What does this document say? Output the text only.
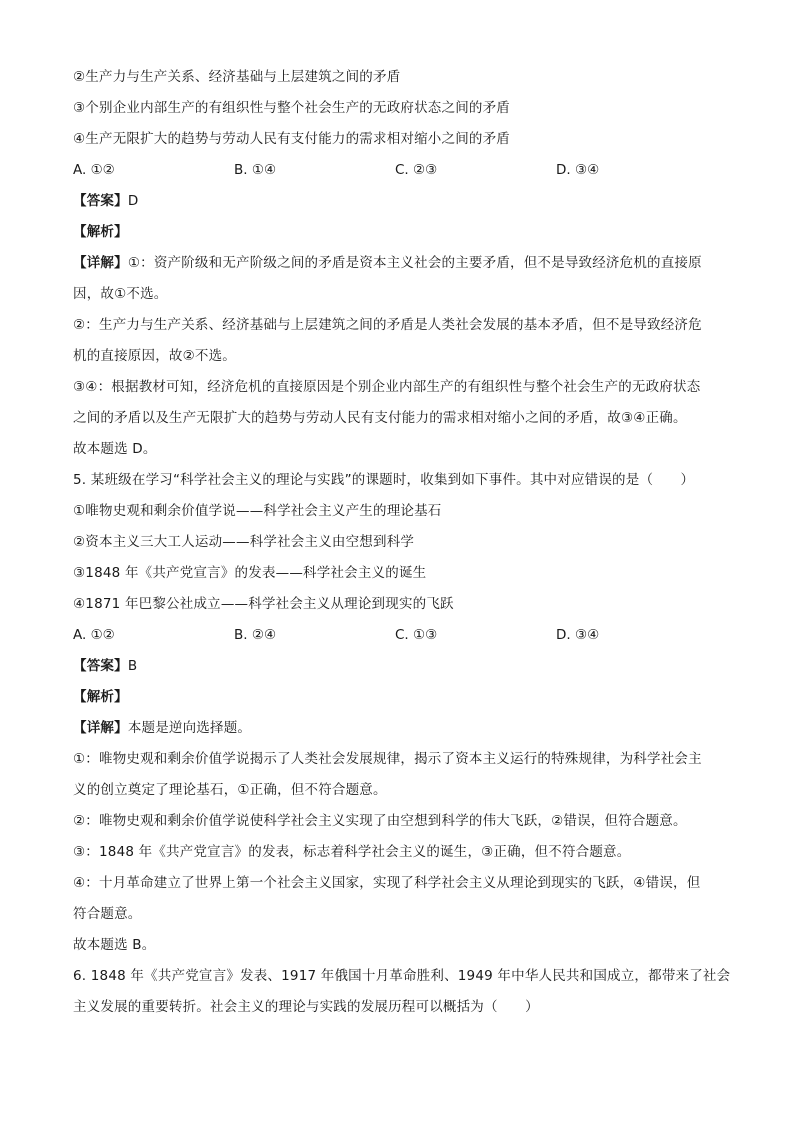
②生产力与生产关系、经济基础与上层建筑之间的矛盾
③个别企业内部生产的有组织性与整个社会生产的无政府状态之间的矛盾
④生产无限扩大的趋势与劳动人民有支付能力的需求相对缩小之间的矛盾
A. ①②	B. ①④	C. ②③	D. ③④
【答案】D
【解析】
【详解】①：资产阶级和无产阶级之间的矛盾是资本主义社会的主要矛盾，但不是导致经济危机的直接原
因，故①不选。
②：生产力与生产关系、经济基础与上层建筑之间的矛盾是人类社会发展的基本矛盾，但不是导致经济危
机的直接原因，故②不选。
③④：根据教材可知，经济危机的直接原因是个别企业内部生产的有组织性与整个社会生产的无政府状态
之间的矛盾以及生产无限扩大的趋势与劳动人民有支付能力的需求相对缩小之间的矛盾，故③④正确。
故本题选 D。
5. 某班级在学习“科学社会主义的理论与实践”的课题时，收集到如下事件。其中对应错误的是（　　）
①唯物史观和剩余价值学说——科学社会主义产生的理论基石
②资本主义三大工人运动——科学社会主义由空想到科学
③1848 年《共产党宣言》的发表——科学社会主义的诞生
④1871 年巴黎公社成立——科学社会主义从理论到现实的飞跃
A. ①②	B. ②④	C. ①③	D. ③④
【答案】B
【解析】
【详解】本题是逆向选择题。
①：唯物史观和剩余价值学说揭示了人类社会发展规律，揭示了资本主义运行的特殊规律，为科学社会主
义的创立奠定了理论基石，①正确，但不符合题意。
②：唯物史观和剩余价值学说使科学社会主义实现了由空想到科学的伟大飞跃，②错误，但符合题意。
③：1848 年《共产党宣言》的发表，标志着科学社会主义的诞生，③正确，但不符合题意。
④：十月革命建立了世界上第一个社会主义国家，实现了科学社会主义从理论到现实的飞跃，④错误，但
符合题意。
故本题选 B。
6. 1848 年《共产党宣言》发表、1917 年俄国十月革命胜利、1949 年中华人民共和国成立，都带来了社会
主义发展的重要转折。社会主义的理论与实践的发展历程可以概括为（　　）
